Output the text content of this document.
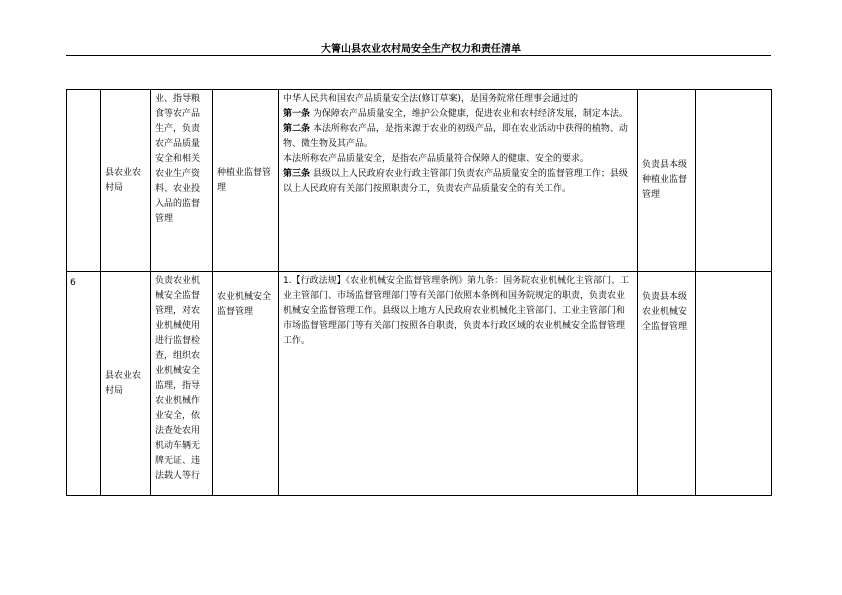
大箐山县农业农村局安全生产权力和责任清单

	县农业农村局	业、指导粮食等农产品生产，负责农产品质量安全和相关农业生产资料、农业投入品的监督管理	种植业监督管理	中华人民共和国农产品质量安全法(修订草案)，是国务院常任理事会通过的

第一条 为保障农产品质量安全，维护公众健康，促进农业和农村经济发展，制定本法。

第二条 本法所称农产品，是指来源于农业的初级产品，即在农业活动中获得的植物、动物、微生物及其产品。

本法所称农产品质量安全，是指农产品质量符合保障人的健康、安全的要求。

第三条 县级以上人民政府农业行政主管部门负责农产品质量安全的监督管理工作；县级以上人民政府有关部门按照职责分工，负责农产品质量安全的有关工作。	负责县本级种植业监督管理	

6	县农业农村局	负责农业机械安全监督管理，对农业机械使用进行监督检查，组织农业机械安全监理，指导农业机械作业安全，依法查处农用机动车辆无牌无证、违法载人等行	农业机械安全监督管理	1.【行政法规】《农业机械安全监督管理条例》第九条：国务院农业机械化主管部门、工业主管部门、市场监督管理部门等有关部门依照本条例和国务院规定的职责，负责农业机械安全监督管理工作。县级以上地方人民政府农业机械化主管部门、工业主管部门和市场监督管理部门等有关部门按照各自职责，负责本行政区域的农业机械安全监督管理工作。	负责县本级农业机械安全监督管理	
